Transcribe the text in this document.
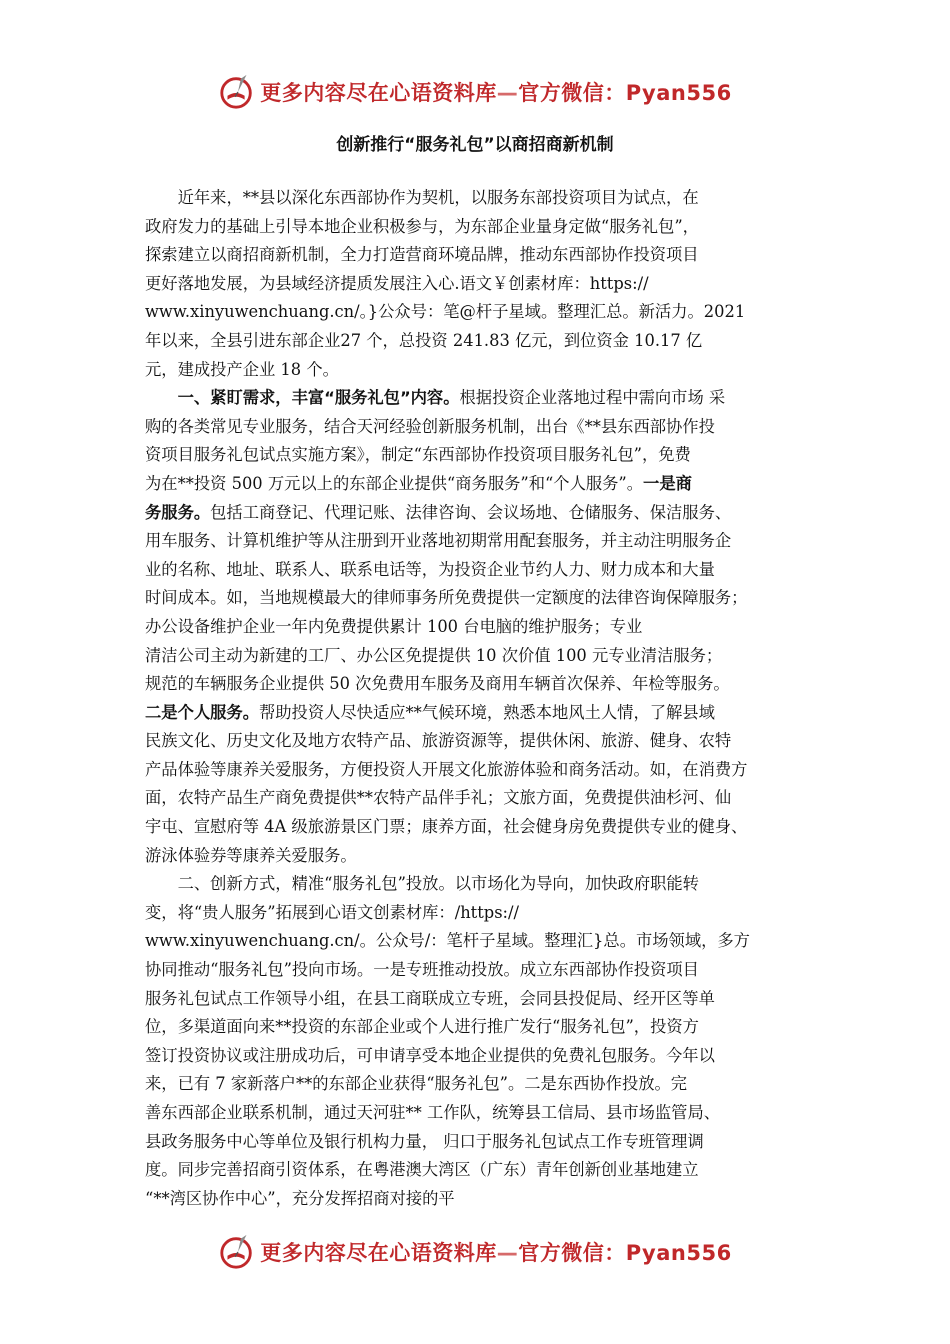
更多内容尽在心语资料库—官方微信：Pyan556
创新推行“服务礼包”以商招商新机制

近年来，**县以深化东西部协作为契机，以服务东部投资项目为试点，在
政府发力的基础上引导本地企业积极参与，为东部企业量身定做“服务礼包”，
探索建立以商招商新机制，全力打造营商环境品牌，推动东西部协作投资项目
更好落地发展，为县域经济提质发展注入心.语文￥创素材库：https://
www.xinyuwenchuang.cn/。}公众号：笔@杆子星域。整理汇总。新活力。2021
年以来，全县引进东部企业27 个，总投资 241.83 亿元，到位资金 10.17 亿
元，建成投产企业 18 个。

一、紧盯需求，丰富“服务礼包”内容。根据投资企业落地过程中需向市场 采
购的各类常见专业服务，结合天河经验创新服务机制，出台《**县东西部协作投
资项目服务礼包试点实施方案》，制定“东西部协作投资项目服务礼包”，免费
为在**投资 500 万元以上的东部企业提供“商务服务”和“个人服务”。一是商
务服务。包括工商登记、代理记账、法律咨询、会议场地、仓储服务、保洁服务、
用车服务、计算机维护等从注册到开业落地初期常用配套服务，并主动注明服务企
业的名称、地址、联系人、联系电话等，为投资企业节约人力、财力成本和大量
时间成本。如，当地规模最大的律师事务所免费提供一定额度的法律咨询保障服务；
办公设备维护企业一年内免费提供累计 100 台电脑的维护服务；专业
清洁公司主动为新建的工厂、办公区免提提供 10 次价值 100 元专业清洁服务；
规范的车辆服务企业提供 50 次免费用车服务及商用车辆首次保养、年检等服务。
二是个人服务。帮助投资人尽快适应**气候环境，熟悉本地风土人情，了解县域
民族文化、历史文化及地方农特产品、旅游资源等，提供休闲、旅游、健身、农特
产品体验等康养关爱服务，方便投资人开展文化旅游体验和商务活动。如，在消费方
面，农特产品生产商免费提供**农特产品伴手礼；文旅方面，免费提供油杉河、仙
宇屯、宣慰府等 4A 级旅游景区门票；康养方面，社会健身房免费提供专业的健身、
游泳体验券等康养关爱服务。

二、创新方式，精准“服务礼包”投放。以市场化为导向，加快政府职能转
变，将“贵人服务”拓展到心语文创素材库：/https://
www.xinyuwenchuang.cn/。公众号/：笔杆子星域。整理汇}总。市场领域，多方
协同推动“服务礼包”投向市场。一是专班推动投放。成立东西部协作投资项目
服务礼包试点工作领导小组，在县工商联成立专班，会同县投促局、经开区等单
位，多渠道面向来**投资的东部企业或个人进行推广发行“服务礼包”，投资方
签订投资协议或注册成功后，可申请享受本地企业提供的免费礼包服务。今年以
来，已有 7 家新落户**的东部企业获得“服务礼包”。二是东西协作投放。完
善东西部企业联系机制，通过天河驻** 工作队，统筹县工信局、县市场监管局、
县政务服务中心等单位及银行机构力量， 归口于服务礼包试点工作专班管理调
度。同步完善招商引资体系，在粤港澳大湾区（广东）青年创新创业基地建立
“**湾区协作中心”，充分发挥招商对接的平

更多内容尽在心语资料库—官方微信：Pyan556
